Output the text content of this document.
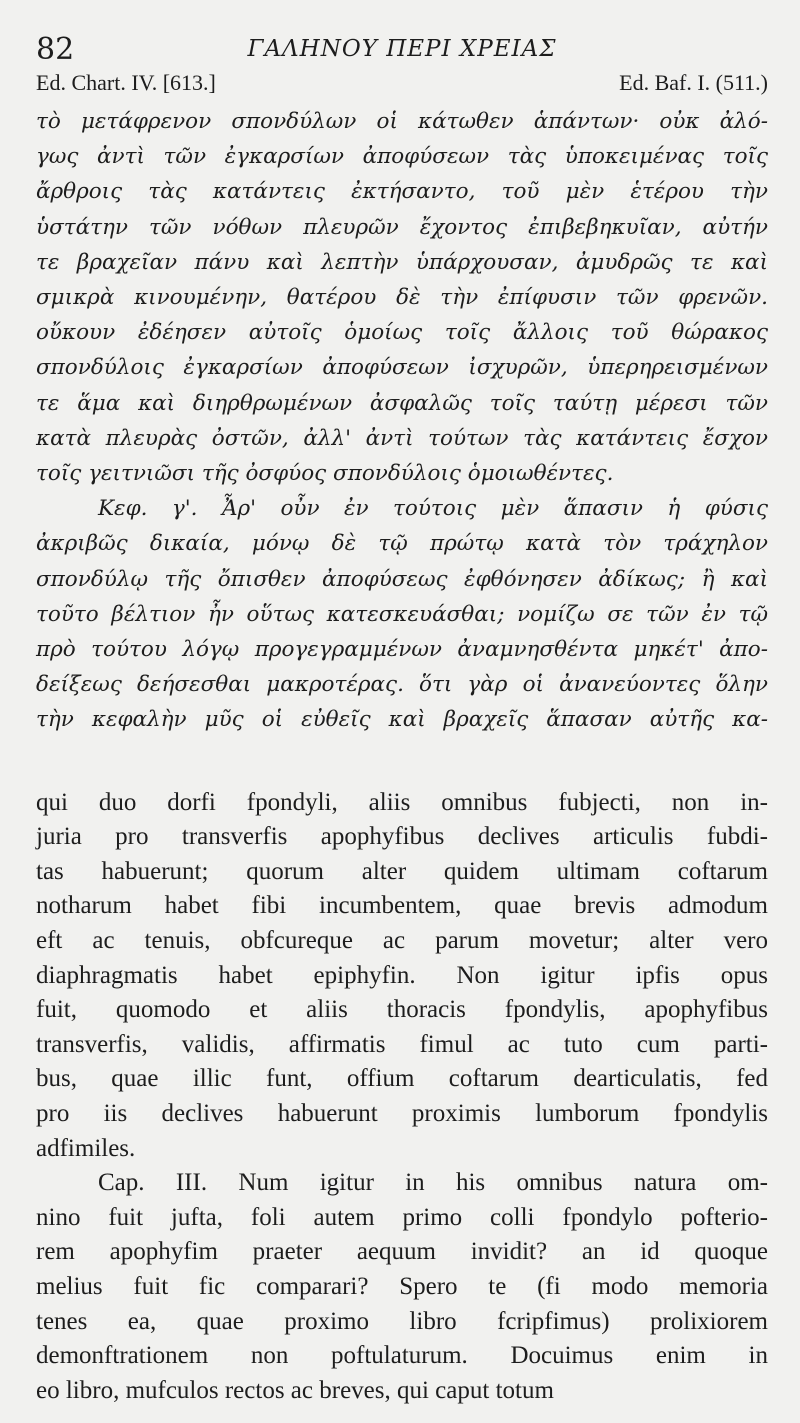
82	ΓΑΛΗΝΟΥ ΠΕΡΙ ΧΡΕΙΑΣ
Ed. Chart. IV. [613.]	Ed. Baf. I. (511.)

τὸ μετάφρενον σπονδύλων οἱ κάτωθεν ἁπάντων· οὐκ ἀλό-

γως ἀντὶ τῶν ἐγκαρσίων ἀποφύσεων τὰς ὑποκειμένας τοῖς

ἄρθροις τὰς κατάντεις ἐκτήσαντο, τοῦ μὲν ἑτέρου τὴν

ὑστάτην τῶν νόθων πλευρῶν ἔχοντος ἐπιβεβηκυῖαν, αὐτήν

τε βραχεῖαν πάνυ καὶ λεπτὴν ὑπάρχουσαν, ἀμυδρῶς τε καὶ

σμικρὰ κινουμένην, θατέρου δὲ τὴν ἐπίφυσιν τῶν φρενῶν.

οὔκουν ἐδέησεν αὐτοῖς ὁμοίως τοῖς ἄλλοις τοῦ θώρακος

σπονδύλοις ἐγκαρσίων ἀποφύσεων ἰσχυρῶν, ὑπερηρεισμένων

τε ἅμα καὶ διηρθρωμένων ἀσφαλῶς τοῖς ταύτῃ μέρεσι τῶν

κατὰ πλευρὰς ὀστῶν, ἀλλ' ἀντὶ τούτων τὰς κατάντεις ἔσχον

τοῖς γειτνιῶσι τῆς ὀσφύος σπονδύλοις ὁμοιωθέντες.

Κεφ. γ'. Ἆρ' οὖν ἐν τούτοις μὲν ἅπασιν ἡ φύσις

ἀκριβῶς δικαία, μόνῳ δὲ τῷ πρώτῳ κατὰ τὸν τράχηλον

σπονδύλῳ τῆς ὄπισθεν ἀποφύσεως ἐφθόνησεν ἀδίκως; ἢ καὶ

τοῦτο βέλτιον ἦν οὕτως κατεσκευάσθαι; νομίζω σε τῶν ἐν τῷ

πρὸ τούτου λόγῳ προγεγραμμένων ἀναμνησθέντα μηκέτ' ἀπο-

δείξεως δεήσεσθαι μακροτέρας. ὅτι γὰρ οἱ ἀνανεύοντες ὅλην

τὴν κεφαλὴν μῦς οἱ εὐθεῖς καὶ βραχεῖς ἅπασαν αὐτῆς κα-

qui duo dorfi fpondyli, aliis omnibus fubjecti, non in-

juria pro transverfis apophyfibus declives articulis fubdi-

tas habuerunt; quorum alter quidem ultimam coftarum

notharum habet fibi incumbentem, quae brevis admodum

eft ac tenuis, obfcureque ac parum movetur; alter vero

diaphragmatis habet epiphyfin. Non igitur ipfis opus

fuit, quomodo et aliis thoracis fpondylis, apophyfibus

transverfis, validis, affirmatis fimul ac tuto cum parti-

bus, quae illic funt, offium coftarum dearticulatis, fed

pro iis declives habuerunt proximis lumborum fpondylis

adfimiles.

Cap. III. Num igitur in his omnibus natura om-

nino fuit jufta, foli autem primo colli fpondylo pofterio-

rem apophyfim praeter aequum invidit? an id quoque

melius fuit fic comparari? Spero te (fi modo memoria

tenes ea, quae proximo libro fcripfimus) prolixiorem

demonftrationem non poftulaturum. Docuimus enim in

eo libro, mufculos rectos ac breves, qui caput totum
